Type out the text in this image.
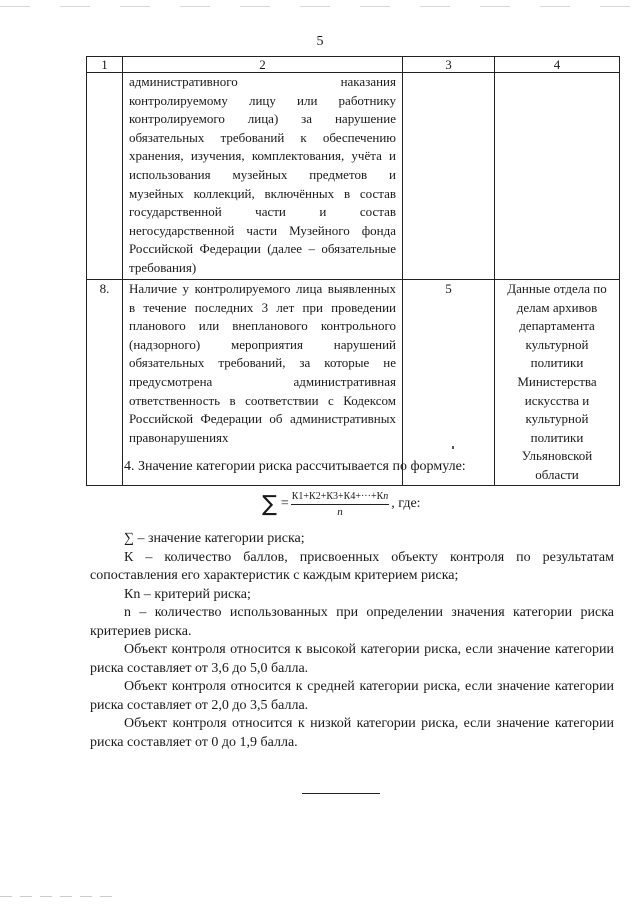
5
1	2	3	4
	административного наказания контролируемому лицу или работнику контролируемого лица) за нарушение обязательных требований к обеспечению хранения, изучения, комплектования, учёта и использования музейных предметов и музейных коллекций, включённых в состав государственной части и состав негосударственной части Музейного фонда Российской Федерации (далее – обязательные требования)		
8.	Наличие у контролируемого лица выявленных в течение последних 3 лет при проведении планового или внепланового контрольного (надзорного) мероприятия нарушений обязательных требований, за которые не предусмотрена административная ответственность в соответствии с Кодексом Российской Федерации об административных правонарушениях	5	Данные отдела по делам архивов департамента культурной политики Министерства искусства и культурной политики Ульяновской области

4. Значение категории риска рассчитывается по формуле:

∑ = $\frac{К1+К2+К3+К4+\cdot\cdot\cdot+Кn}{n}$ , где:

∑ – значение категории риска;

К – количество баллов, присвоенных объекту контроля по результатам сопоставления его характеристик с каждым критерием риска;

Кn – критерий риска;

n – количество использованных при определении значения категории риска критериев риска.

Объект контроля относится к высокой категории риска, если значение категории риска составляет от 3,6 до 5,0 балла.

Объект контроля относится к средней категории риска, если значение категории риска составляет от 2,0 до 3,5 балла.

Объект контроля относится к низкой категории риска, если значение категории риска составляет от 0 до 1,9 балла.
